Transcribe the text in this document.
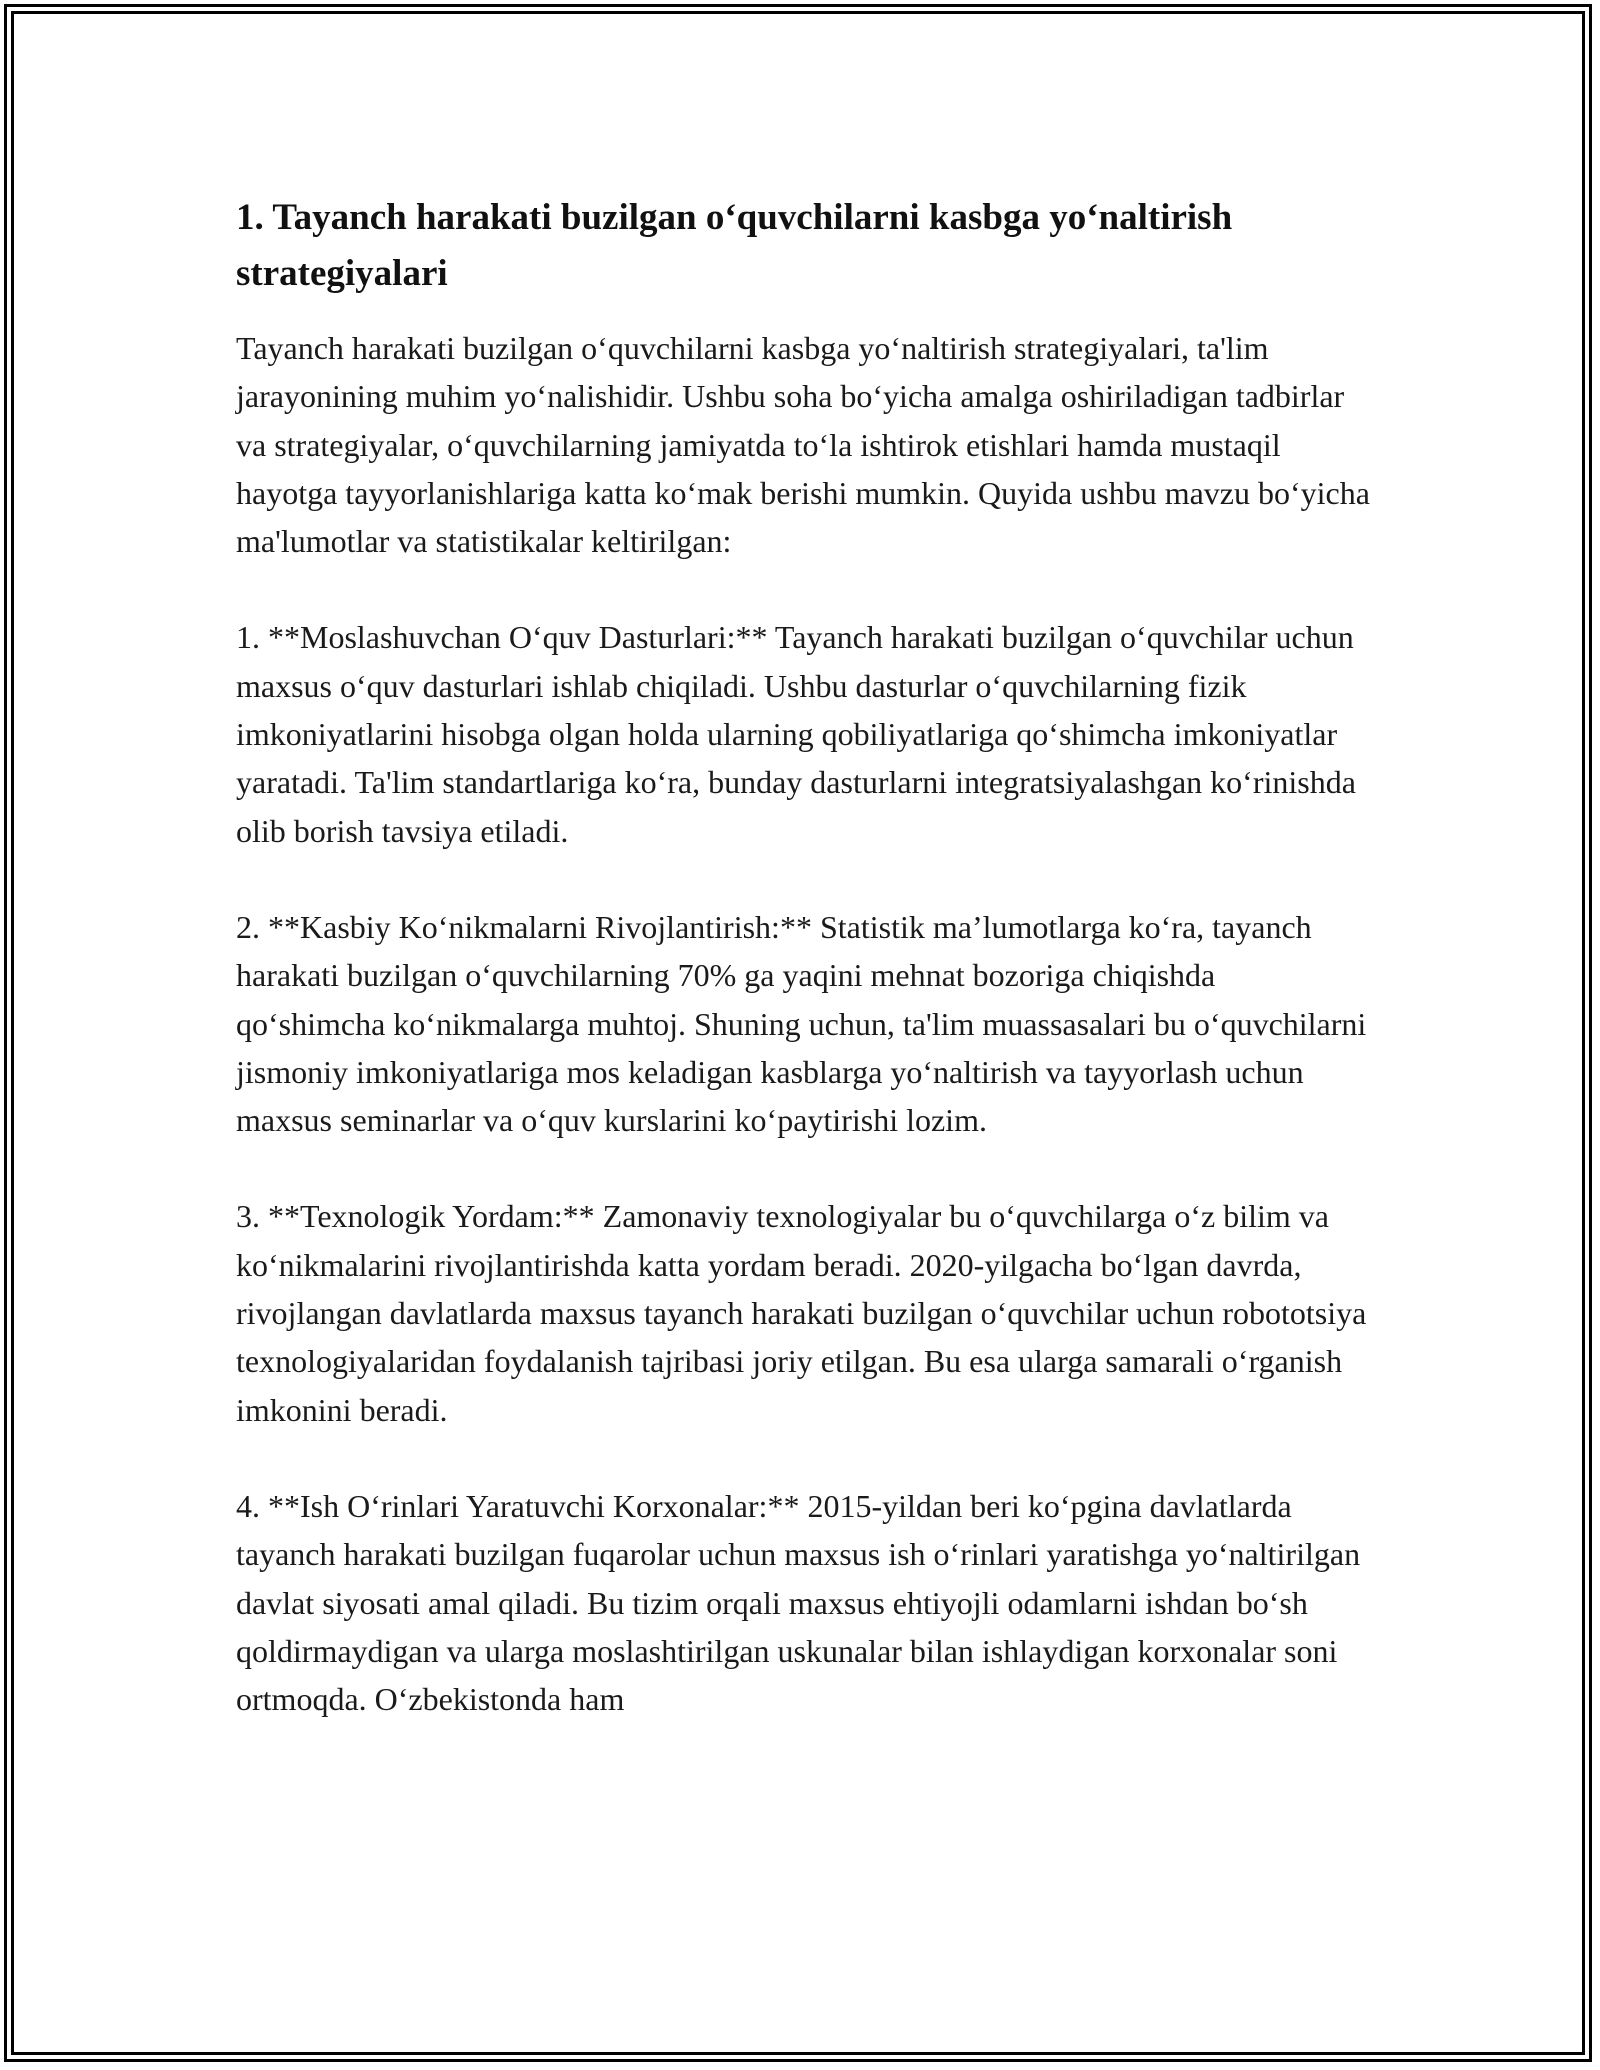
1. Tayanch harakati buzilgan o‘quvchilarni kasbga yo‘naltirish strategiyalari

Tayanch harakati buzilgan o‘quvchilarni kasbga yo‘naltirish strategiyalari, ta'lim jarayonining muhim yo‘nalishidir. Ushbu soha bo‘yicha amalga oshiriladigan tadbirlar va strategiyalar, o‘quvchilarning jamiyatda to‘la ishtirok etishlari hamda mustaqil hayotga tayyorlanishlariga katta ko‘mak berishi mumkin. Quyida ushbu mavzu bo‘yicha ma'lumotlar va statistikalar keltirilgan:

1. **Moslashuvchan O‘quv Dasturlari:** Tayanch harakati buzilgan o‘quvchilar uchun maxsus o‘quv dasturlari ishlab chiqiladi. Ushbu dasturlar o‘quvchilarning fizik imkoniyatlarini hisobga olgan holda ularning qobiliyatlariga qo‘shimcha imkoniyatlar yaratadi. Ta'lim standartlariga ko‘ra, bunday dasturlarni integratsiyalashgan ko‘rinishda olib borish tavsiya etiladi.

2. **Kasbiy Ko‘nikmalarni Rivojlantirish:** Statistik ma’lumotlarga ko‘ra, tayanch harakati buzilgan o‘quvchilarning 70% ga yaqini mehnat bozoriga chiqishda qo‘shimcha ko‘nikmalarga muhtoj. Shuning uchun, ta'lim muassasalari bu o‘quvchilarni jismoniy imkoniyatlariga mos keladigan kasblarga yo‘naltirish va tayyorlash uchun maxsus seminarlar va o‘quv kurslarini ko‘paytirishi lozim.

3. **Texnologik Yordam:** Zamonaviy texnologiyalar bu o‘quvchilarga o‘z bilim va ko‘nikmalarini rivojlantirishda katta yordam beradi. 2020-yilgacha bo‘lgan davrda, rivojlangan davlatlarda maxsus tayanch harakati buzilgan o‘quvchilar uchun robototsiya texnologiyalaridan foydalanish tajribasi joriy etilgan. Bu esa ularga samarali o‘rganish imkonini beradi.

4. **Ish O‘rinlari Yaratuvchi Korxonalar:** 2015-yildan beri ko‘pgina davlatlarda tayanch harakati buzilgan fuqarolar uchun maxsus ish o‘rinlari yaratishga yo‘naltirilgan davlat siyosati amal qiladi. Bu tizim orqali maxsus ehtiyojli odamlarni ishdan bo‘sh qoldirmaydigan va ularga moslashtirilgan uskunalar bilan ishlaydigan korxonalar soni ortmoqda. O‘zbekistonda ham
